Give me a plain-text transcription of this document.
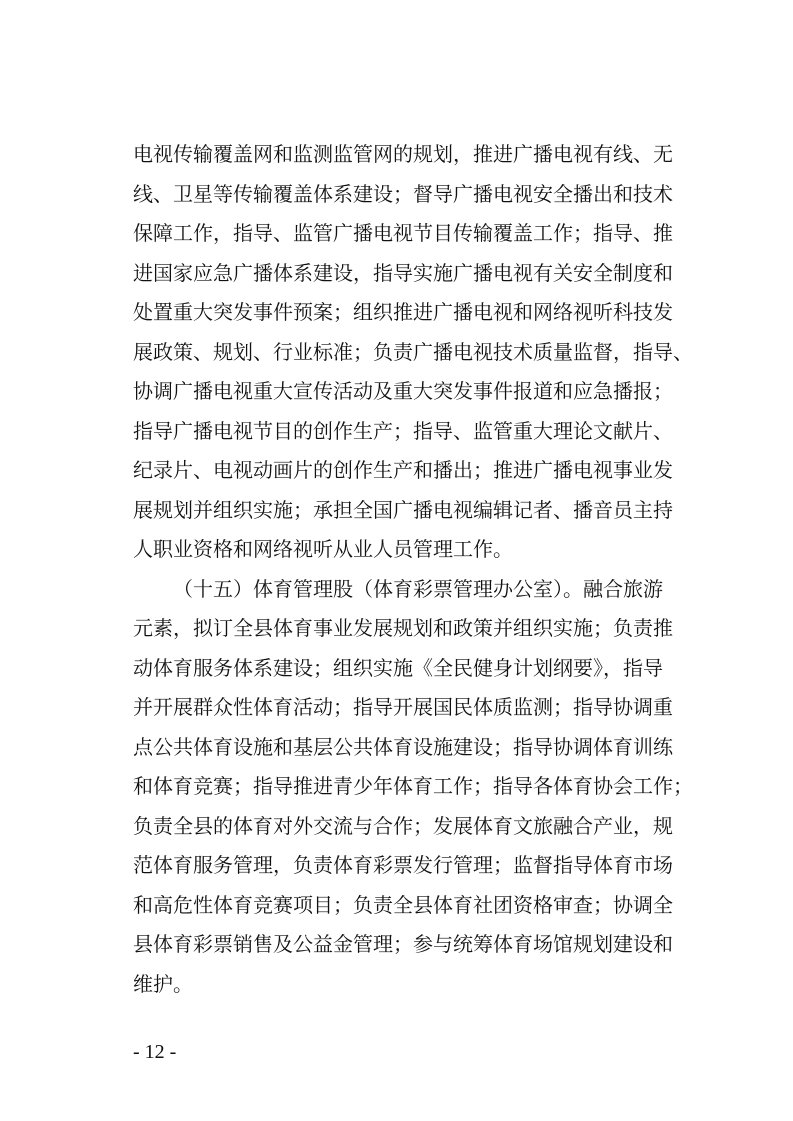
电视传输覆盖网和监测监管网的规划，推进广播电视有线、无
线、卫星等传输覆盖体系建设；督导广播电视安全播出和技术
保障工作，指导、监管广播电视节目传输覆盖工作；指导、推
进国家应急广播体系建设，指导实施广播电视有关安全制度和
处置重大突发事件预案；组织推进广播电视和网络视听科技发
展政策、规划、行业标准；负责广播电视技术质量监督，指导、
协调广播电视重大宣传活动及重大突发事件报道和应急播报；
指导广播电视节目的创作生产；指导、监管重大理论文献片、
纪录片、电视动画片的创作生产和播出；推进广播电视事业发
展规划并组织实施；承担全国广播电视编辑记者、播音员主持
人职业资格和网络视听从业人员管理工作。
（十五）体育管理股（体育彩票管理办公室）。融合旅游
元素，拟订全县体育事业发展规划和政策并组织实施；负责推
动体育服务体系建设；组织实施《全民健身计划纲要》，指导
并开展群众性体育活动；指导开展国民体质监测；指导协调重
点公共体育设施和基层公共体育设施建设；指导协调体育训练
和体育竞赛；指导推进青少年体育工作；指导各体育协会工作；
负责全县的体育对外交流与合作；发展体育文旅融合产业，规
范体育服务管理，负责体育彩票发行管理；监督指导体育市场
和高危性体育竞赛项目；负责全县体育社团资格审查；协调全
县体育彩票销售及公益金管理；参与统筹体育场馆规划建设和
维护。
- 12 -
